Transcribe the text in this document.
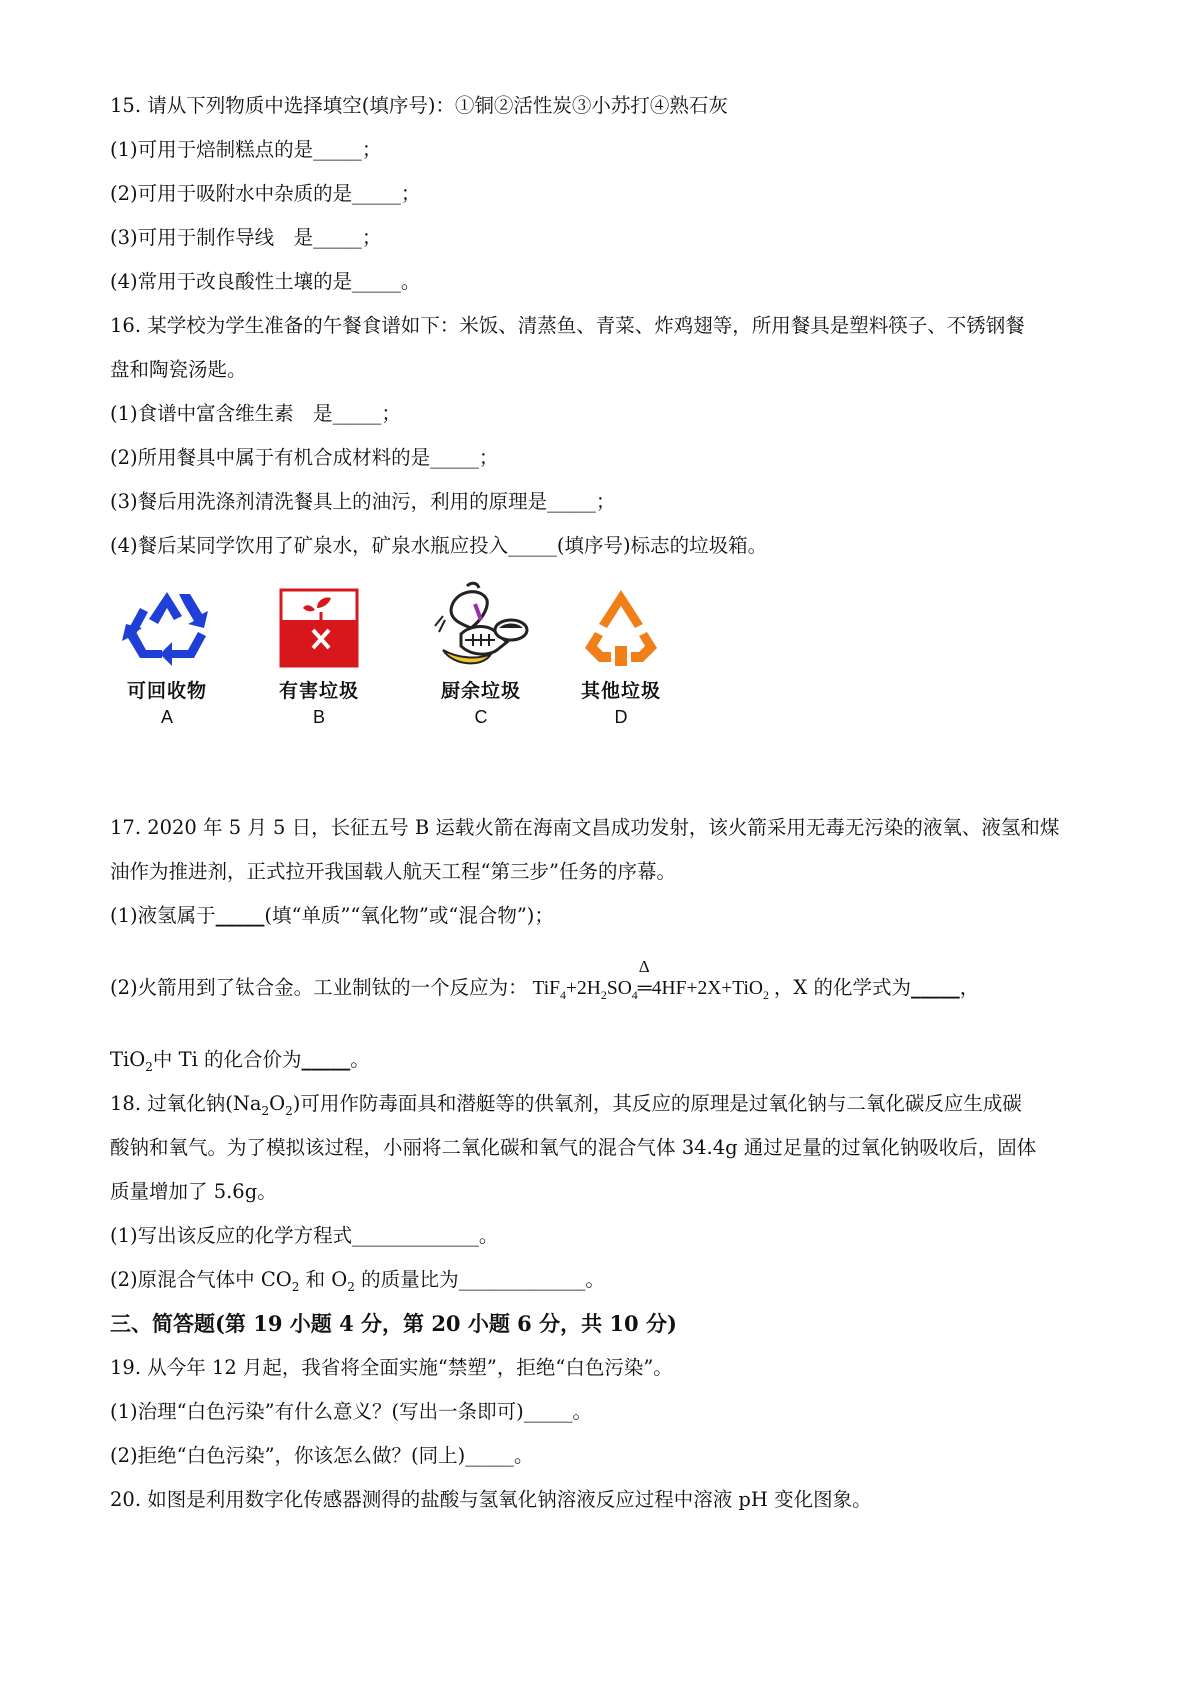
15. 请从下列物质中选择填空(填序号)：①铜②活性炭③小苏打④熟石灰
(1)可用于焙制糕点的是_____；
(2)可用于吸附水中杂质的是_____；
(3)可用于制作导线　是_____；
(4)常用于改良酸性土壤的是_____。
16. 某学校为学生准备的午餐食谱如下：米饭、清蒸鱼、青菜、炸鸡翅等，所用餐具是塑料筷子、不锈钢餐
盘和陶瓷汤匙。
(1)食谱中富含维生素　是_____；
(2)所用餐具中属于有机合成材料的是_____；
(3)餐后用洗涤剂清洗餐具上的油污，利用的原理是_____；
(4)餐后某同学饮用了矿泉水，矿泉水瓶应投入_____(填序号)标志的垃圾箱。
可回收物
A
有害垃圾
B
厨余垃圾
C
其他垃圾
D
17. 2020 年 5 月 5 日，长征五号 B 运载火箭在海南文昌成功发射，该火箭采用无毒无污染的液氧、液氢和煤
油作为推进剂，正式拉开我国载人航天工程“第三步”任务的序幕。
(1)液氢属于_____(填“单质”“氧化物”或“混合物”)；
(2)火箭用到了钛合金。工业制钛的一个反应为： $TiF_4+2H_2SO_4$
Δ
═4HF+2X+TiO$_2$ ，X 的化学式为_____，
TiO$_2$中 Ti 的化合价为_____。
18. 过氧化钠$(Na_2O_2)$可用作防毒面具和潜艇等的供氧剂，其反应的原理是过氧化钠与二氧化碳反应生成碳
酸钠和氧气。为了模拟该过程，小丽将二氧化碳和氧气的混合气体 34.4g 通过足量的过氧化钠吸收后，固体
质量增加了 5.6g。
(1)写出该反应的化学方程式_____________。
(2)原混合气体中 $CO_2$ 和 $O_2$ 的质量比为_____________。
三、简答题(第 19 小题 4 分，第 20 小题 6 分，共 10 分)
19. 从今年 12 月起，我省将全面实施“禁塑”，拒绝“白色污染”。
(1)治理“白色污染”有什么意义？(写出一条即可)_____。
(2)拒绝“白色污染”，你该怎么做？(同上)_____。
20. 如图是利用数字化传感器测得的盐酸与氢氧化钠溶液反应过程中溶液 pH 变化图象。
